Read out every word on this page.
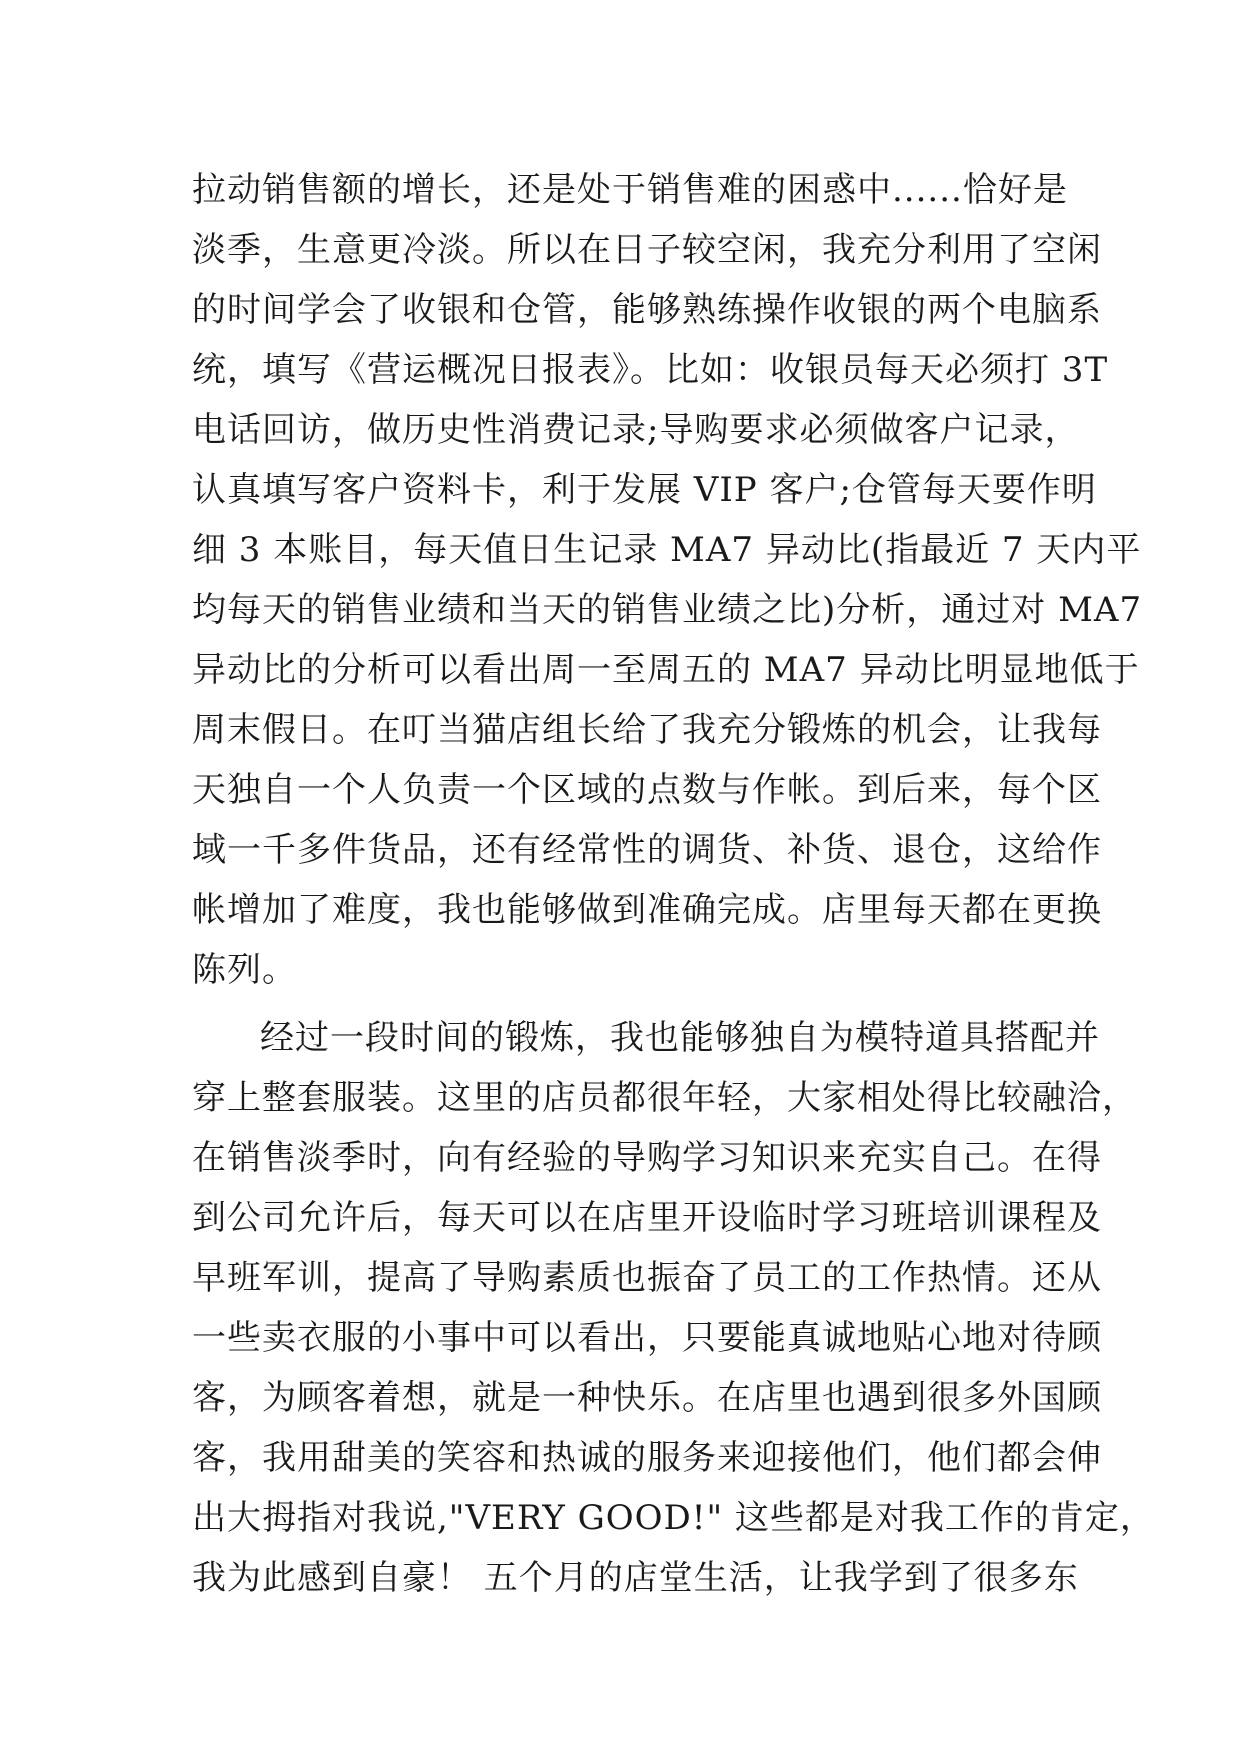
拉动销售额的增长，还是处于销售难的困惑中......恰好是
淡季，生意更冷淡。所以在日子较空闲，我充分利用了空闲
的时间学会了收银和仓管，能够熟练操作收银的两个电脑系
统，填写《营运概况日报表》。比如：收银员每天必须打 3T
电话回访，做历史性消费记录;导购要求必须做客户记录，
认真填写客户资料卡，利于发展 VIP 客户;仓管每天要作明
细 3 本账目，每天值日生记录 MA7 异动比(指最近 7 天内平
均每天的销售业绩和当天的销售业绩之比)分析，通过对 MA7
异动比的分析可以看出周一至周五的 MA7 异动比明显地低于
周末假日。在叮当猫店组长给了我充分锻炼的机会，让我每
天独自一个人负责一个区域的点数与作帐。到后来，每个区
域一千多件货品，还有经常性的调货、补货、退仓，这给作
帐增加了难度，我也能够做到准确完成。店里每天都在更换
陈列。
经过一段时间的锻炼，我也能够独自为模特道具搭配并
穿上整套服装。这里的店员都很年轻，大家相处得比较融洽，
在销售淡季时，向有经验的导购学习知识来充实自己。在得
到公司允许后，每天可以在店里开设临时学习班培训课程及
早班军训，提高了导购素质也振奋了员工的工作热情。还从
一些卖衣服的小事中可以看出，只要能真诚地贴心地对待顾
客，为顾客着想，就是一种快乐。在店里也遇到很多外国顾
客，我用甜美的笑容和热诚的服务来迎接他们，他们都会伸
出大拇指对我说,"VERY GOOD!" 这些都是对我工作的肯定，
我为此感到自豪！ 五个月的店堂生活，让我学到了很多东
